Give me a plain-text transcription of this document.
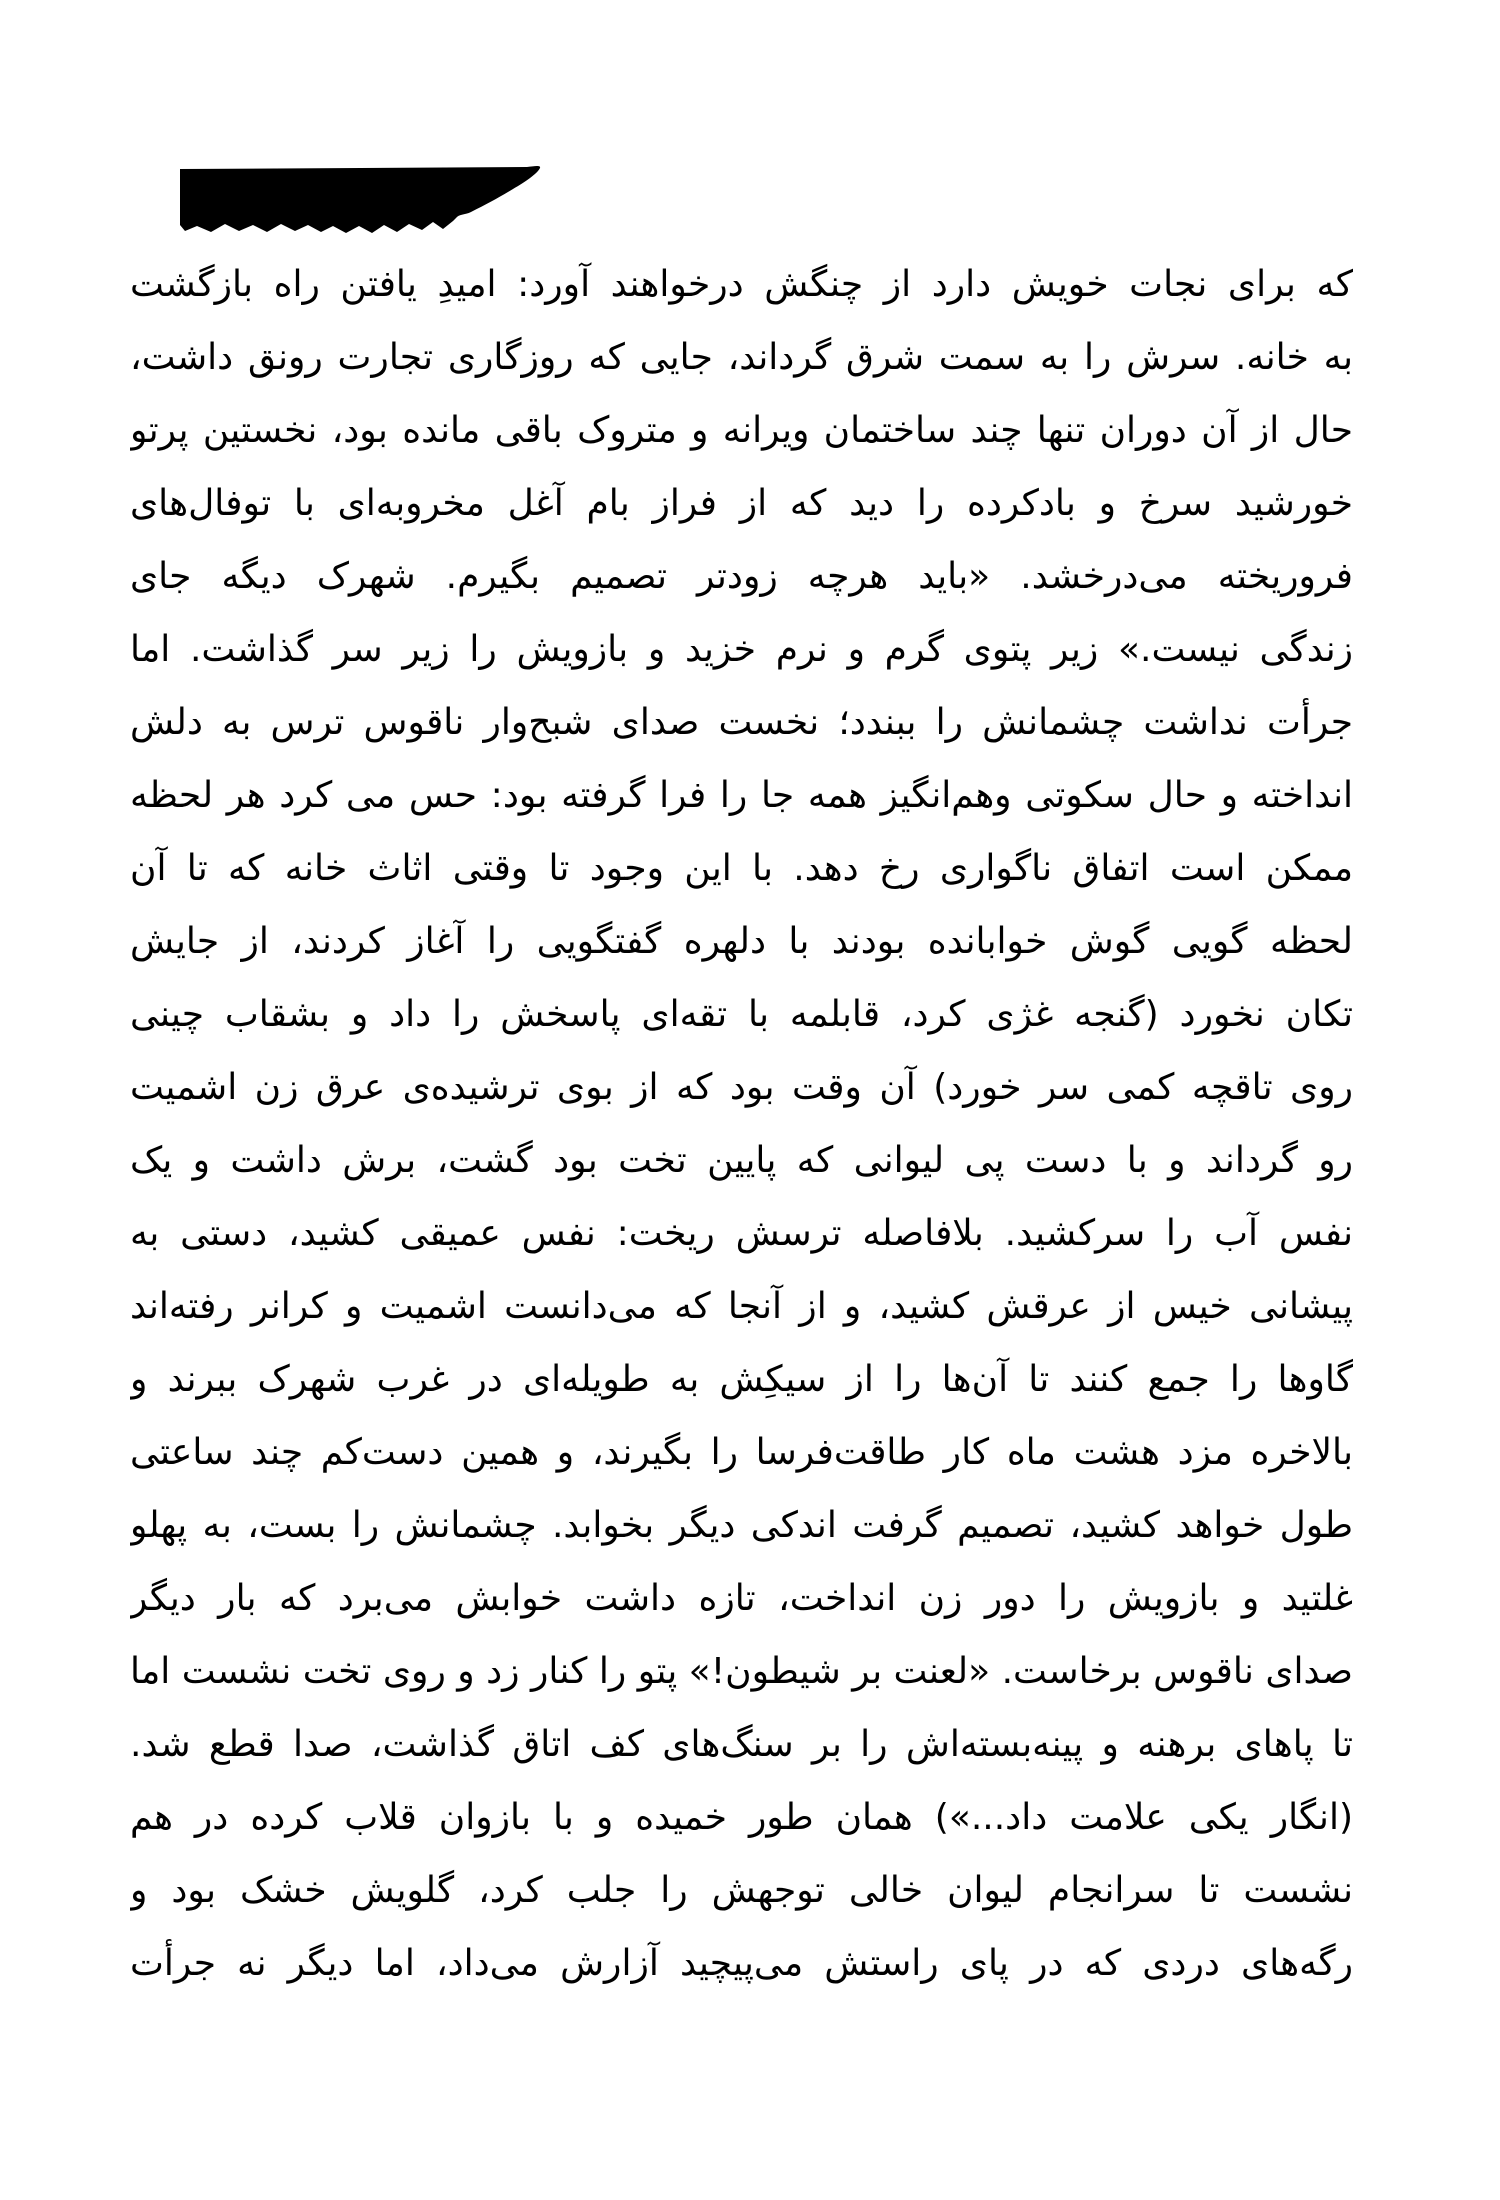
که برای نجات خویش دارد از چنگش درخواهند آورد: امیدِ یافتن راه بازگشت
به خانه. سرش را به سمت شرق گرداند، جایی که روزگاری تجارت رونق داشت،
حال از آن دوران تنها چند ساختمان ویرانه و متروک باقی مانده بود، نخستین پرتو
خورشید سرخ و بادکرده را دید که از فراز بام آغل مخروبه‌ای با توفال‌های
فروریخته می‌درخشد. «باید هرچه زودتر تصمیم بگیرم. شهرک دیگه جای
زندگی نیست.» زیر پتوی گرم و نرم خزید و بازویش را زیر سر گذاشت. اما
جرأت نداشت چشمانش را ببندد؛ نخست صدای شبح‌وار ناقوس ترس به دلش
انداخته و حال سکوتی وهم‌انگیز همه جا را فرا گرفته بود: حس می کرد هر لحظه
ممکن است اتفاق ناگواری رخ دهد. با این وجود تا وقتی اثاث خانه که تا آن
لحظه گویی گوش خوابانده بودند با دلهره گفتگویی را آغاز کردند، از جایش
تکان نخورد (گنجه غژی کرد، قابلمه با تقه‌ای پاسخش را داد و بشقاب چینی
روی تاقچه کمی سر خورد) آن وقت بود که از بوی ترشیده‌ی عرق زن اشمیت
رو گرداند و با دست پی لیوانی که پایین تخت بود گشت، برش داشت و یک
نفس آب را سرکشید. بلافاصله ترسش ریخت: نفس عمیقی کشید، دستی به
پیشانی خیس از عرقش کشید، و از آنجا که می‌دانست اشمیت و کرانر رفته‌اند
گاوها را جمع کنند تا آن‌ها را از سیکِش به طویله‌ای در غرب شهرک ببرند و
بالاخره مزد هشت ماه کار طاقت‌فرسا را بگیرند، و همین دست‌کم چند ساعتی
طول خواهد کشید، تصمیم گرفت اندکی دیگر بخوابد. چشمانش را بست، به پهلو
غلتید و بازویش را دور زن انداخت، تازه داشت خوابش می‌برد که بار دیگر
صدای ناقوس برخاست. «لعنت بر شیطون!» پتو را کنار زد و روی تخت نشست اما
تا پاهای برهنه و پینه‌بسته‌اش را بر سنگ‌های کف اتاق گذاشت، صدا قطع شد.
(انگار یکی علامت داد...») همان طور خمیده و با بازوان قلاب کرده در هم
نشست تا سرانجام لیوان خالی توجهش را جلب کرد، گلویش خشک بود و
رگه‌های دردی که در پای راستش می‌پیچید آزارش می‌داد، اما دیگر نه جرأت
